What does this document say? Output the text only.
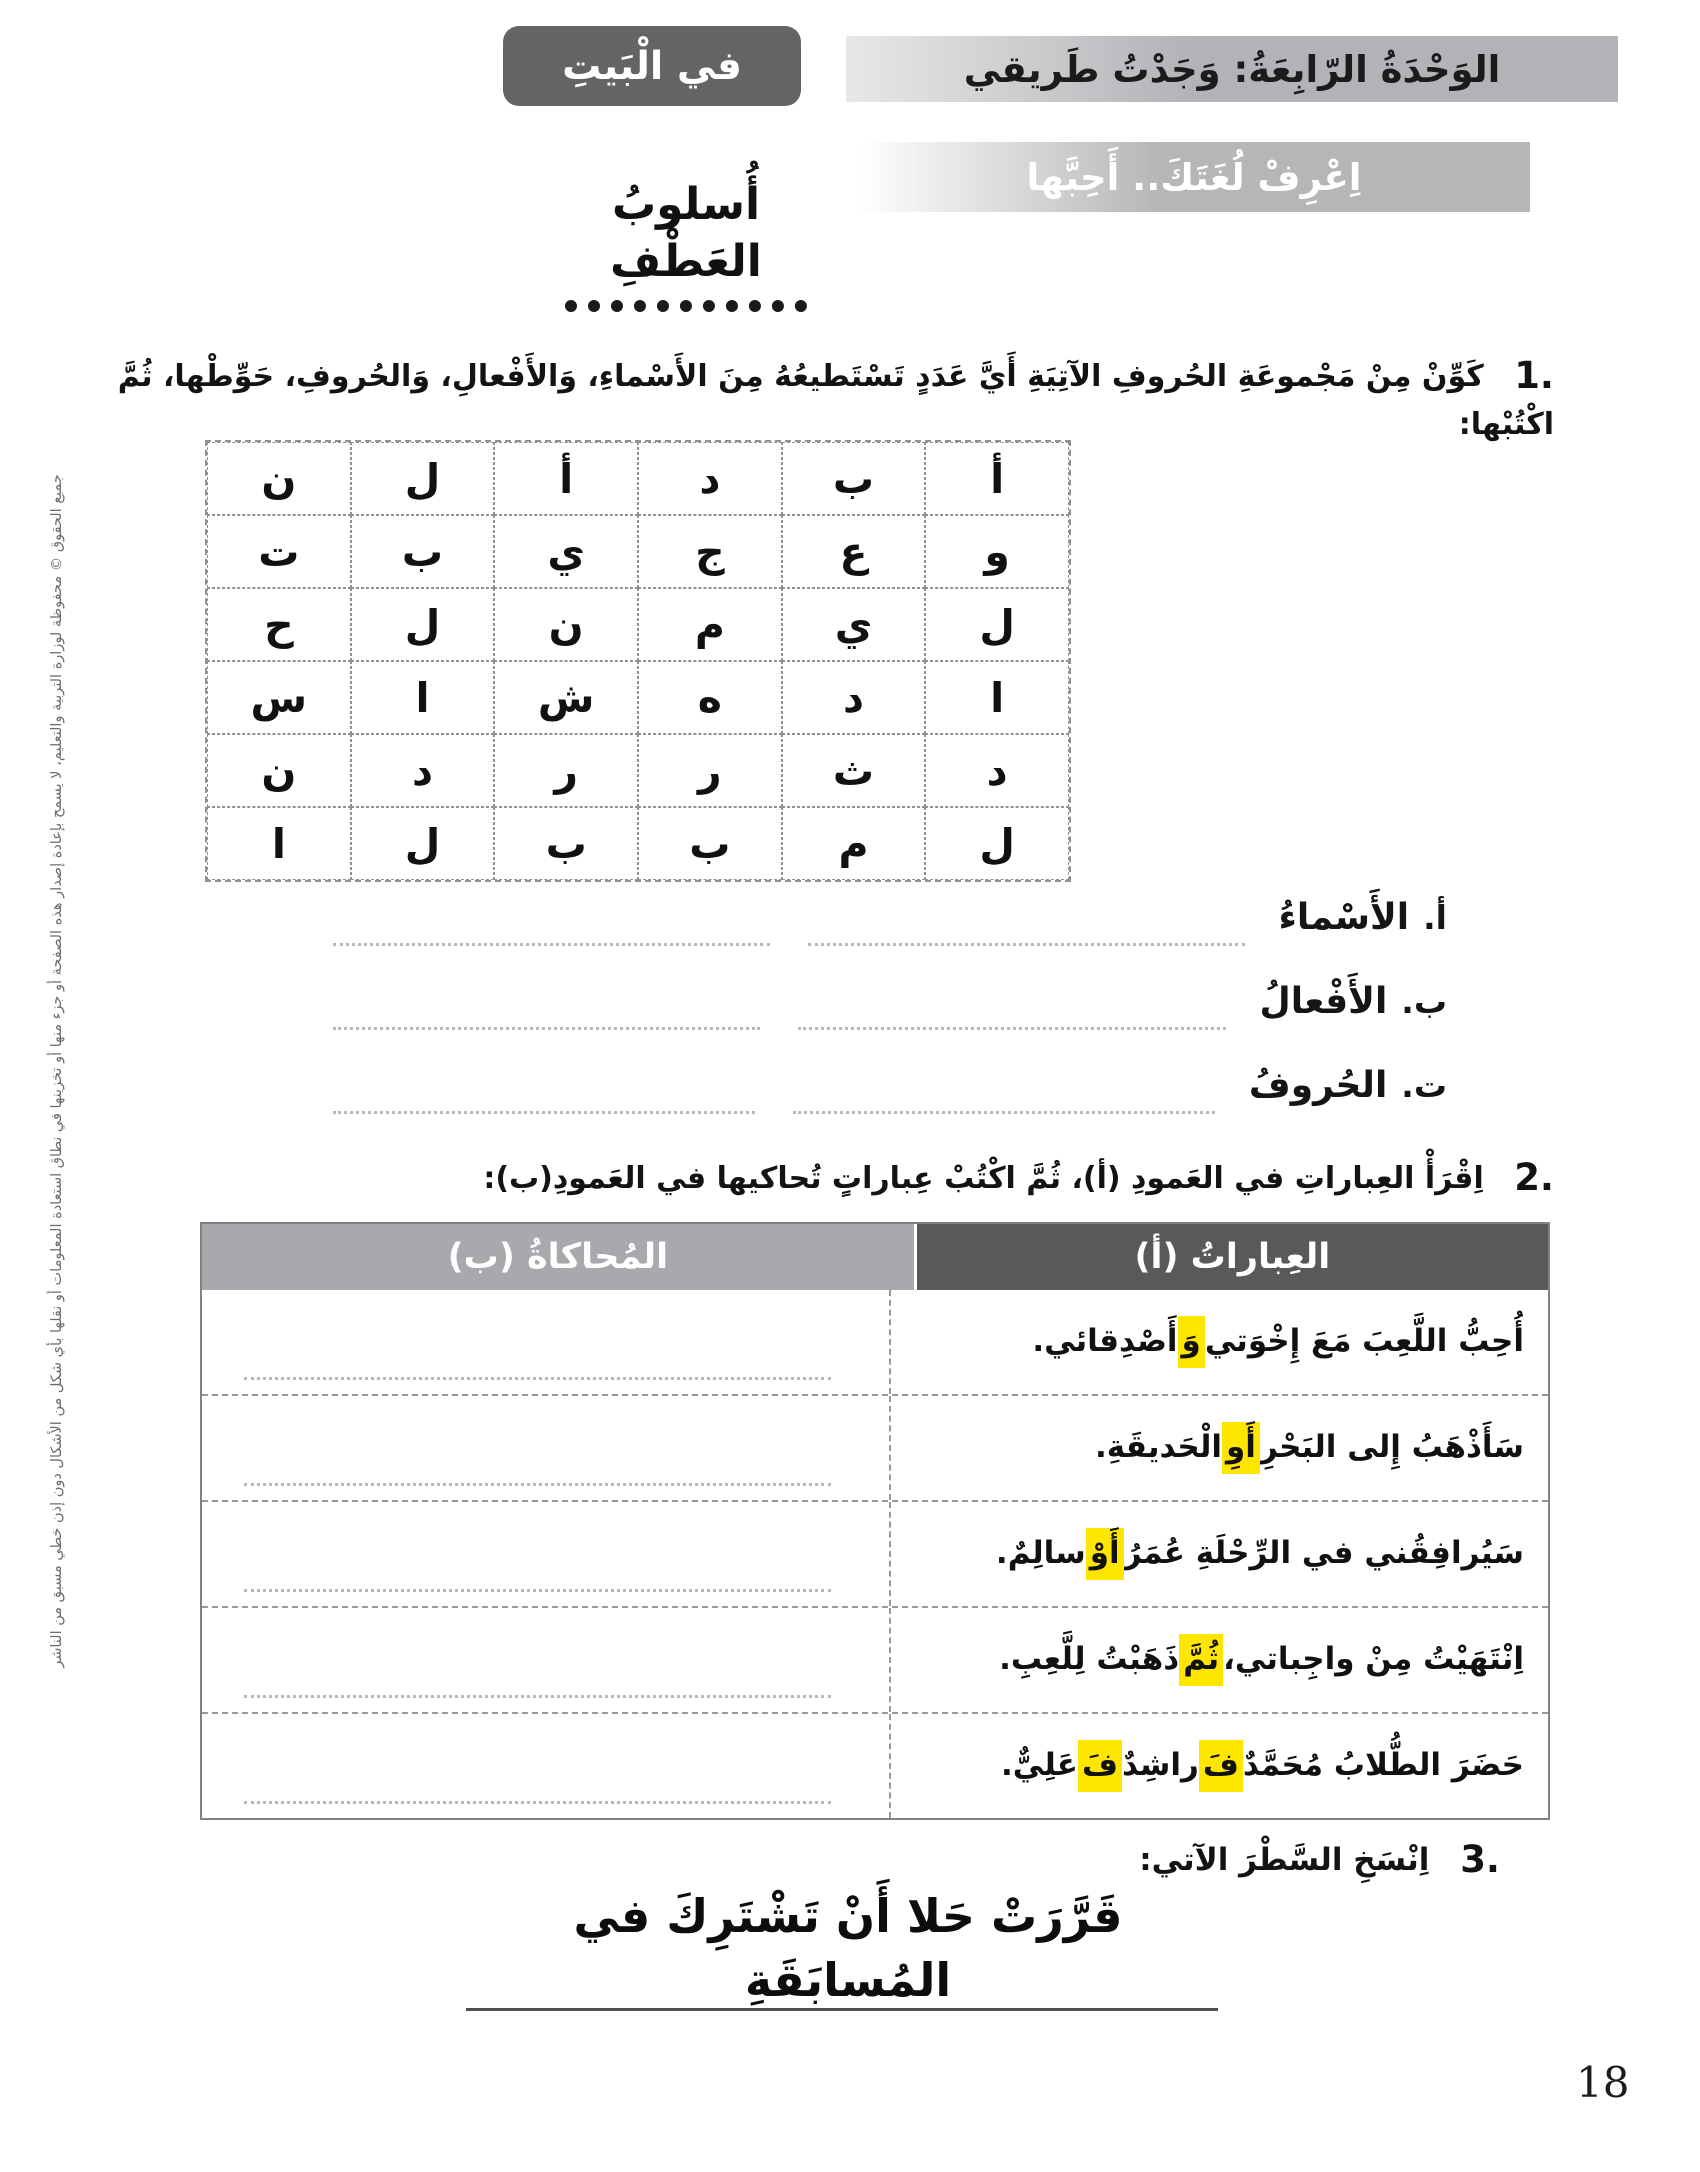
جميع الحقوق © محفوظة لوزارة التربية والتعليم، لا يسمح بإعادة إصدار هذه الصفحة أو جزء منها أو تخزينها في نطاق استعادة المعلومات أو نقلها بأي شكل من الأشكال دون إذن خطي مسبق من الناشر
الوَحْدَةُ الرّابِعَةُ: وَجَدْتُ طَريقي
اِعْرِفْ لُغَتَكَ.. أَحِبَّها
في الْبَيتِ
أُسلوبُ العَطْفِ
1. كَوِّنْ مِنْ مَجْموعَةِ الحُروفِ الآتِيَةِ أَيَّ عَدَدٍ تَسْتَطيعُهُ مِنَ الأَسْماءِ، وَالأَفْعالِ، وَالحُروفِ، حَوِّطْها، ثُمَّ اكْتُبْها:
أ
ب
د
أ
ل
ن
و
ع
ج
ي
ب
ت
ل
ي
م
ن
ل
ح
ا
د
ه
ش
ا
س
د
ث
ر
ر
د
ن
ل
م
ب
ب
ل
ا
أ.
الأَسْماءُ
ب.
الأَفْعالُ
ت.
الحُروفُ
2. اِقْرَأْ العِباراتِ في العَمودِ (أ)، ثُمَّ اكْتُبْ عِباراتٍ تُحاكيها في العَمودِ(ب):
العِباراتُ (أ)
المُحاكاةُ (ب)
أُحِبُّ اللَّعِبَ مَعَ إِخْوَتي
وَ
أَصْدِقائي.
سَأَذْهَبُ إِلى البَحْرِ
أَوِ
الْحَديقَةِ.
سَيُرافِقُني في الرِّحْلَةِ عُمَرُ
أَوْ
سالِمٌ.
اِنْتَهَيْتُ مِنْ واجِباتي،
ثُمَّ
ذَهَبْتُ لِلَّعِبِ.
حَضَرَ الطُّلابُ مُحَمَّدٌ
فَ
راشِدٌ
فَ
عَلِيٌّ.
3. اِنْسَخِ السَّطْرَ الآتي:
قَرَّرَتْ حَلا أَنْ تَشْتَرِكَ في المُسابَقَةِ
18
